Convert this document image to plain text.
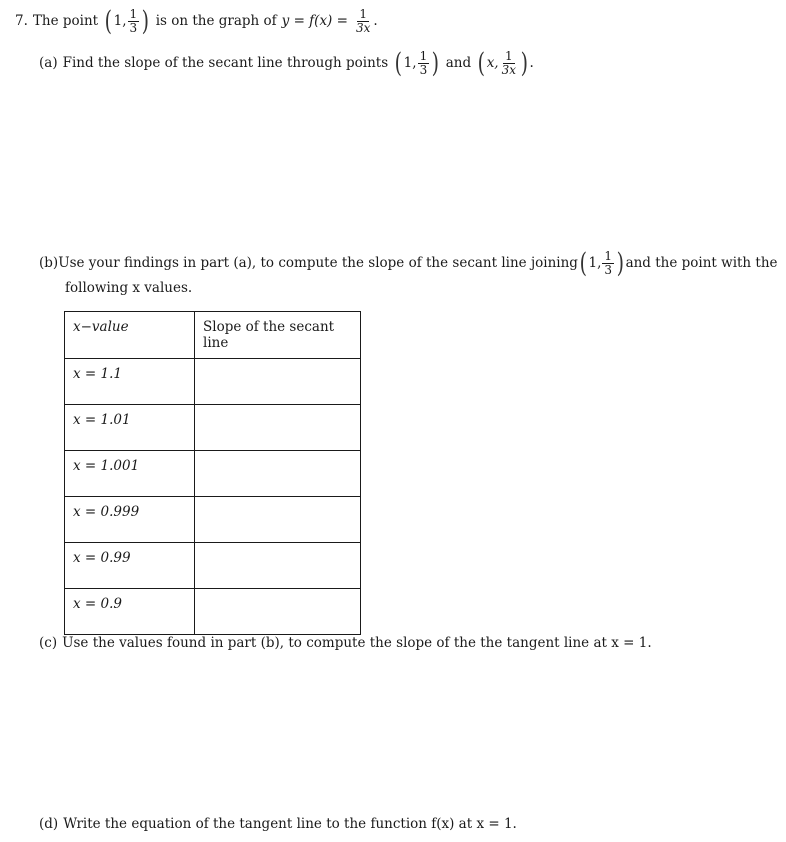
7. The point ( 1, $\frac{1}{3}$ ) is on the graph of $y = f(x) = \frac{1}{3x}$ .
(a) Find the slope of the secant line through points ( 1, $\frac{1}{3}$ ) and ( x, $\frac{1}{3x}$ ) .
(b) Use your findings in part (a), to compute the slope of the secant line joining ( 1, $\frac{1}{3}$ ) and the point with the
following x values.
x−value	Slope of the secant line
x = 1.1	
x = 1.01	
x = 1.001	
x = 0.999	
x = 0.99	
x = 0.9	
(c) Use the values found in part (b), to compute the slope of the the tangent line at x = 1.
(d) Write the equation of the tangent line to the function f(x) at x = 1.
